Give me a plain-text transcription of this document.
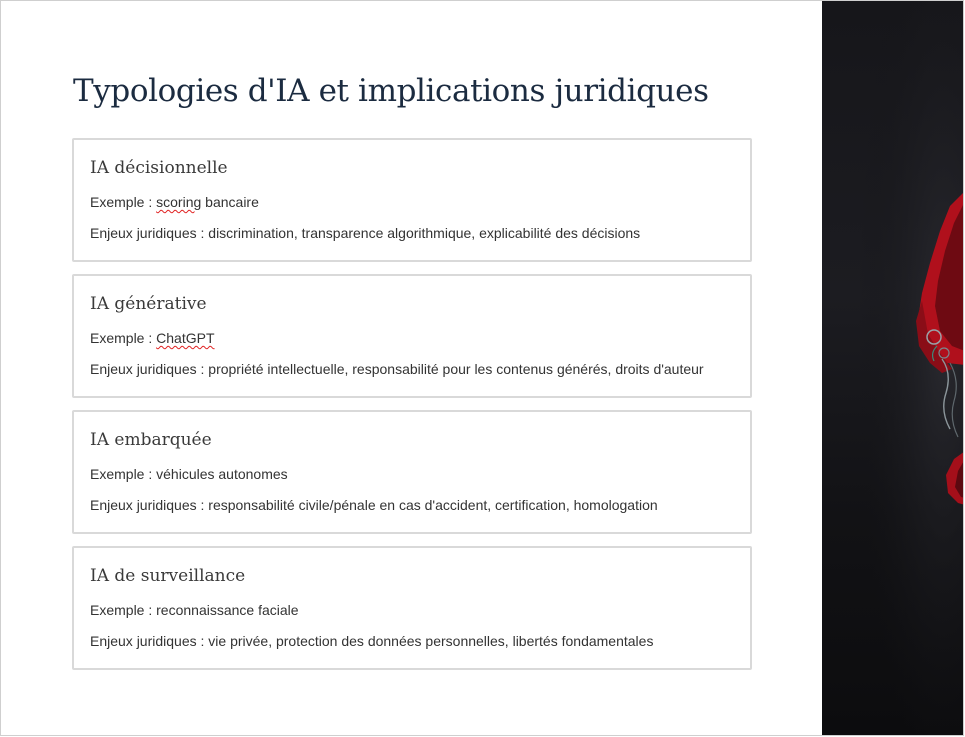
Typologies d'IA et implications juridiques
IA décisionnelle
Exemple : scoring bancaire
Enjeux juridiques : discrimination, transparence algorithmique, explicabilité des décisions
IA générative
Exemple : ChatGPT
Enjeux juridiques : propriété intellectuelle, responsabilité pour les contenus générés, droits d'auteur
IA embarquée
Exemple : véhicules autonomes
Enjeux juridiques : responsabilité civile/pénale en cas d'accident, certification, homologation
IA de surveillance
Exemple : reconnaissance faciale
Enjeux juridiques : vie privée, protection des données personnelles, libertés fondamentales
